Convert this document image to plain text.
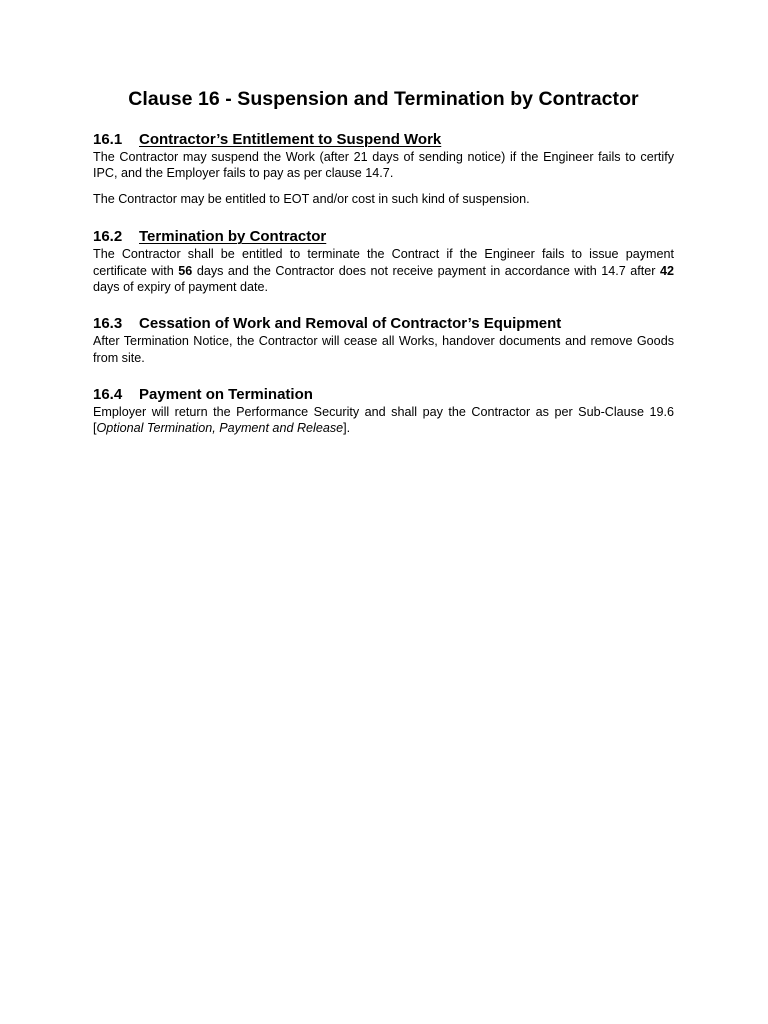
Clause 16 - Suspension and Termination by Contractor
16.1	Contractor’s Entitlement to Suspend Work

The Contractor may suspend the Work (after 21 days of sending notice) if the Engineer fails to certify IPC, and the Employer fails to pay as per clause 14.7.

The Contractor may be entitled to EOT and/or cost in such kind of suspension.

16.2	Termination by Contractor

The Contractor shall be entitled to terminate the Contract if the Engineer fails to issue payment certificate with 56 days and the Contractor does not receive payment in accordance with 14.7 after 42 days of expiry of payment date.

16.3	Cessation of Work and Removal of Contractor’s Equipment

After Termination Notice, the Contractor will cease all Works, handover documents and remove Goods from site.

16.4	Payment on Termination

Employer will return the Performance Security and shall pay the Contractor as per Sub-Clause 19.6 [Optional Termination, Payment and Release].
